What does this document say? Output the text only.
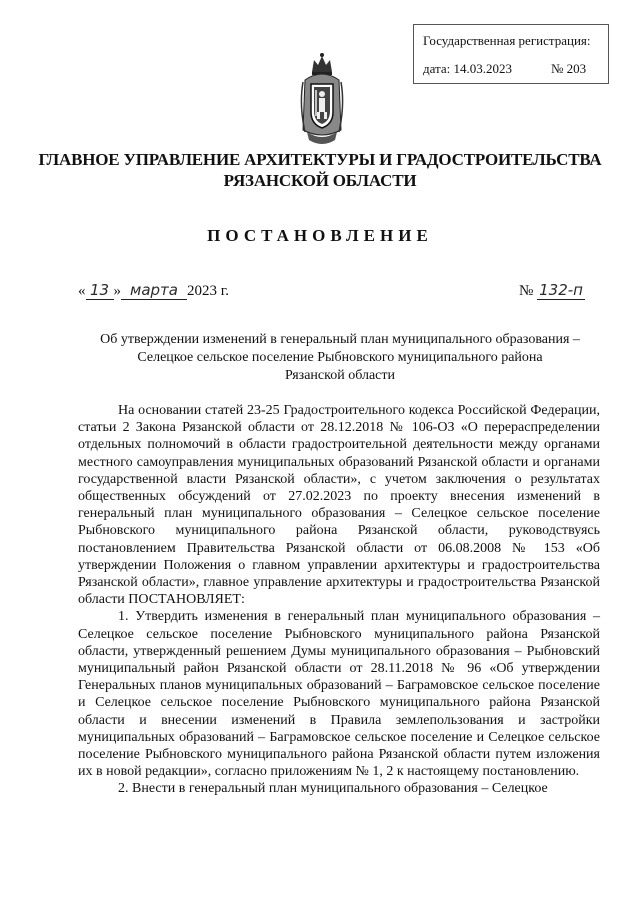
Государственная регистрация:
дата: 14.03.2023	№ 203
ГЛАВНОЕ УПРАВЛЕНИЕ АРХИТЕКТУРЫ И ГРАДОСТРОИТЕЛЬСТВА
РЯЗАНСКОЙ ОБЛАСТИ
ПОСТАНОВЛЕНИЕ
« 13 » марта 2023 г.	№ 132-п
Об утверждении изменений в генеральный план муниципального образования –
Селецкое сельское поселение Рыбновского муниципального района
Рязанской области

На основании статей 23-25 Градостроительного кодекса Российской Федерации, статьи 2 Закона Рязанской области от 28.12.2018 № 106-ОЗ «О перераспределении отдельных полномочий в области градостроительной деятельности между органами местного самоуправления муниципальных образований Рязанской области и органами государственной власти Рязанской области», с учетом заключения о результатах общественных обсуждений от 27.02.2023 по проекту внесения изменений в генеральный план муниципального образования – Селецкое сельское поселение Рыбновского муниципального района Рязанской области, руководствуясь постановлением Правительства Рязанской области от 06.08.2008 № 153 «Об утверждении Положения о главном управлении архитектуры и градостроительства Рязанской области», главное управление архитектуры и градостроительства Рязанской области ПОСТАНОВЛЯЕТ:

1. Утвердить изменения в генеральный план муниципального образования – Селецкое сельское поселение Рыбновского муниципального района Рязанской области, утвержденный решением Думы муниципального образования – Рыбновский муниципальный район Рязанской области от 28.11.2018 № 96 «Об утверждении Генеральных планов муниципальных образований – Баграмовское сельское поселение и Селецкое сельское поселение Рыбновского муниципального района Рязанской области и внесении изменений в Правила землепользования и застройки муниципальных образований – Баграмовское сельское поселение и Селецкое сельское поселение Рыбновского муниципального района Рязанской области путем изложения их в новой редакции», согласно приложениям № 1, 2 к настоящему постановлению.

2. Внести в генеральный план муниципального образования – Селецкое
